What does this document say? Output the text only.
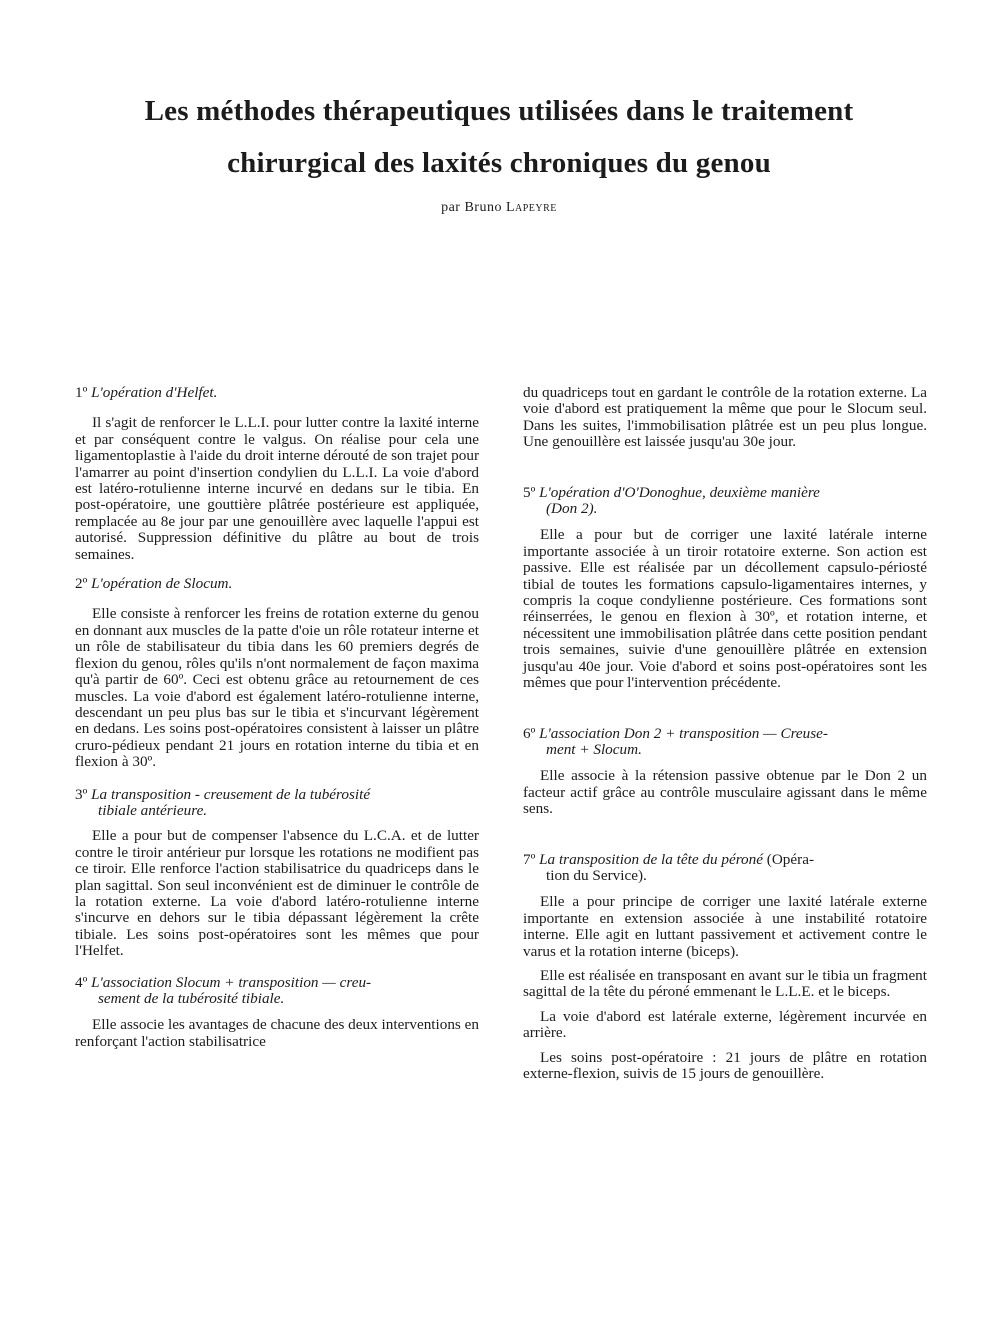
Les méthodes thérapeutiques utilisées dans le traitement
chirurgical des laxités chroniques du genou
par Bruno Lapeyre
1º L'opération d'Helfet.

Il s'agit de renforcer le L.L.I. pour lutter contre la laxité interne et par conséquent contre le valgus. On réalise pour cela une ligamentoplastie à l'aide du droit interne dérouté de son trajet pour l'amarrer au point d'insertion condylien du L.L.I. La voie d'abord est latéro-rotulienne interne incurvé en dedans sur le tibia. En post-opératoire, une gouttière plâtrée postérieure est appliquée, remplacée au 8e jour par une genouillère avec laquelle l'appui est autorisé. Suppression définitive du plâtre au bout de trois semaines.

2º L'opération de Slocum.

Elle consiste à renforcer les freins de rotation externe du genou en donnant aux muscles de la patte d'oie un rôle rotateur interne et un rôle de stabilisateur du tibia dans les 60 premiers degrés de flexion du genou, rôles qu'ils n'ont normalement de façon maxima qu'à partir de 60º. Ceci est obtenu grâce au retournement de ces muscles. La voie d'abord est également latéro-rotulienne interne, descendant un peu plus bas sur le tibia et s'incurvant légèrement en dedans. Les soins post-opératoires consistent à laisser un plâtre cruro-pédieux pendant 21 jours en rotation interne du tibia et en flexion à 30º.

3º La transposition - creusement de la tubérosité
tibiale antérieure.

Elle a pour but de compenser l'absence du L.C.A. et de lutter contre le tiroir antérieur pur lorsque les rotations ne modifient pas ce tiroir. Elle renforce l'action stabilisatrice du quadriceps dans le plan sagittal. Son seul inconvénient est de diminuer le contrôle de la rotation externe. La voie d'abord latéro-rotulienne interne s'incurve en dehors sur le tibia dépassant légèrement la crête tibiale. Les soins post-opératoires sont les mêmes que pour l'Helfet.

4º L'association Slocum + transposition — creu-
sement de la tubérosité tibiale.

Elle associe les avantages de chacune des deux interventions en renforçant l'action stabilisatrice

du quadriceps tout en gardant le contrôle de la rotation externe. La voie d'abord est pratiquement la même que pour le Slocum seul. Dans les suites, l'immobilisation plâtrée est un peu plus longue. Une genouillère est laissée jusqu'au 30e jour.

5º L'opération d'O'Donoghue, deuxième manière
(Don 2).

Elle a pour but de corriger une laxité latérale interne importante associée à un tiroir rotatoire externe. Son action est passive. Elle est réalisée par un décollement capsulo-périosté tibial de toutes les formations capsulo-ligamentaires internes, y compris la coque condylienne postérieure. Ces formations sont réinserrées, le genou en flexion à 30º, et rotation interne, et nécessitent une immobilisation plâtrée dans cette position pendant trois semaines, suivie d'une genouillère plâtrée en extension jusqu'au 40e jour. Voie d'abord et soins post-opératoires sont les mêmes que pour l'intervention précédente.

6º L'association Don 2 + transposition — Creuse-
ment + Slocum.

Elle associe à la rétension passive obtenue par le Don 2 un facteur actif grâce au contrôle musculaire agissant dans le même sens.

7º La transposition de la tête du péroné (Opéra-
tion du Service).

Elle a pour principe de corriger une laxité latérale externe importante en extension associée à une instabilité rotatoire interne. Elle agit en luttant passivement et activement contre le varus et la rotation interne (biceps).

Elle est réalisée en transposant en avant sur le tibia un fragment sagittal de la tête du péroné emmenant le L.L.E. et le biceps.

La voie d'abord est latérale externe, légèrement incurvée en arrière.

Les soins post-opératoire : 21 jours de plâtre en rotation externe-flexion, suivis de 15 jours de genouillère.
